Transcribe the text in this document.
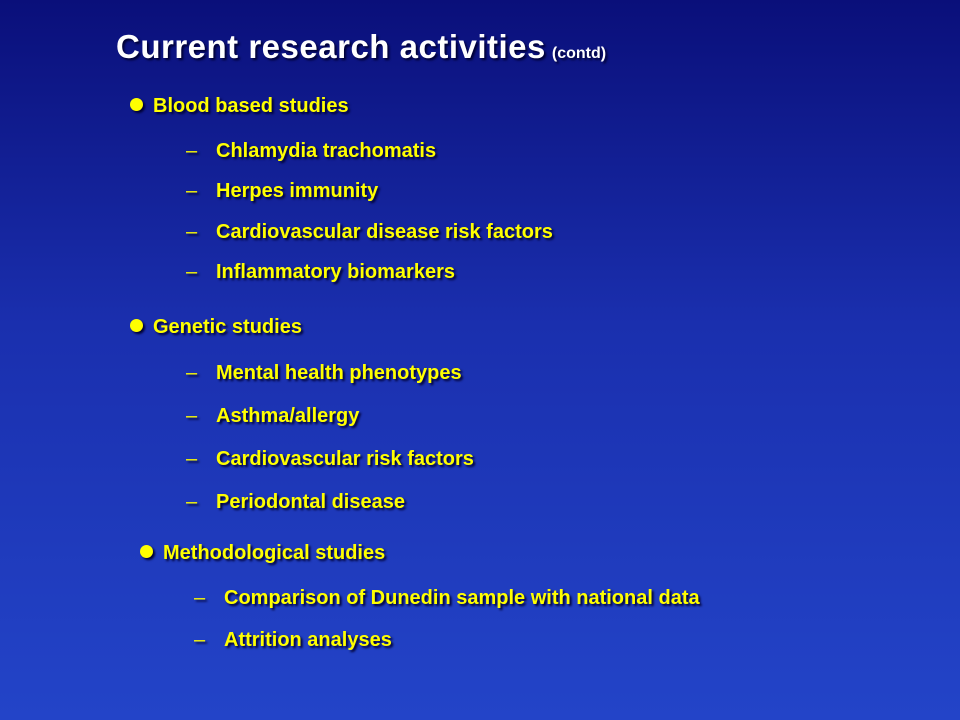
Current research activities (contd)
Blood based studies
– Chlamydia trachomatis
– Herpes immunity
– Cardiovascular disease risk factors
– Inflammatory biomarkers
Genetic studies
– Mental health phenotypes
– Asthma/allergy
– Cardiovascular risk factors
– Periodontal disease
Methodological studies
– Comparison of Dunedin sample with national data
– Attrition analyses
